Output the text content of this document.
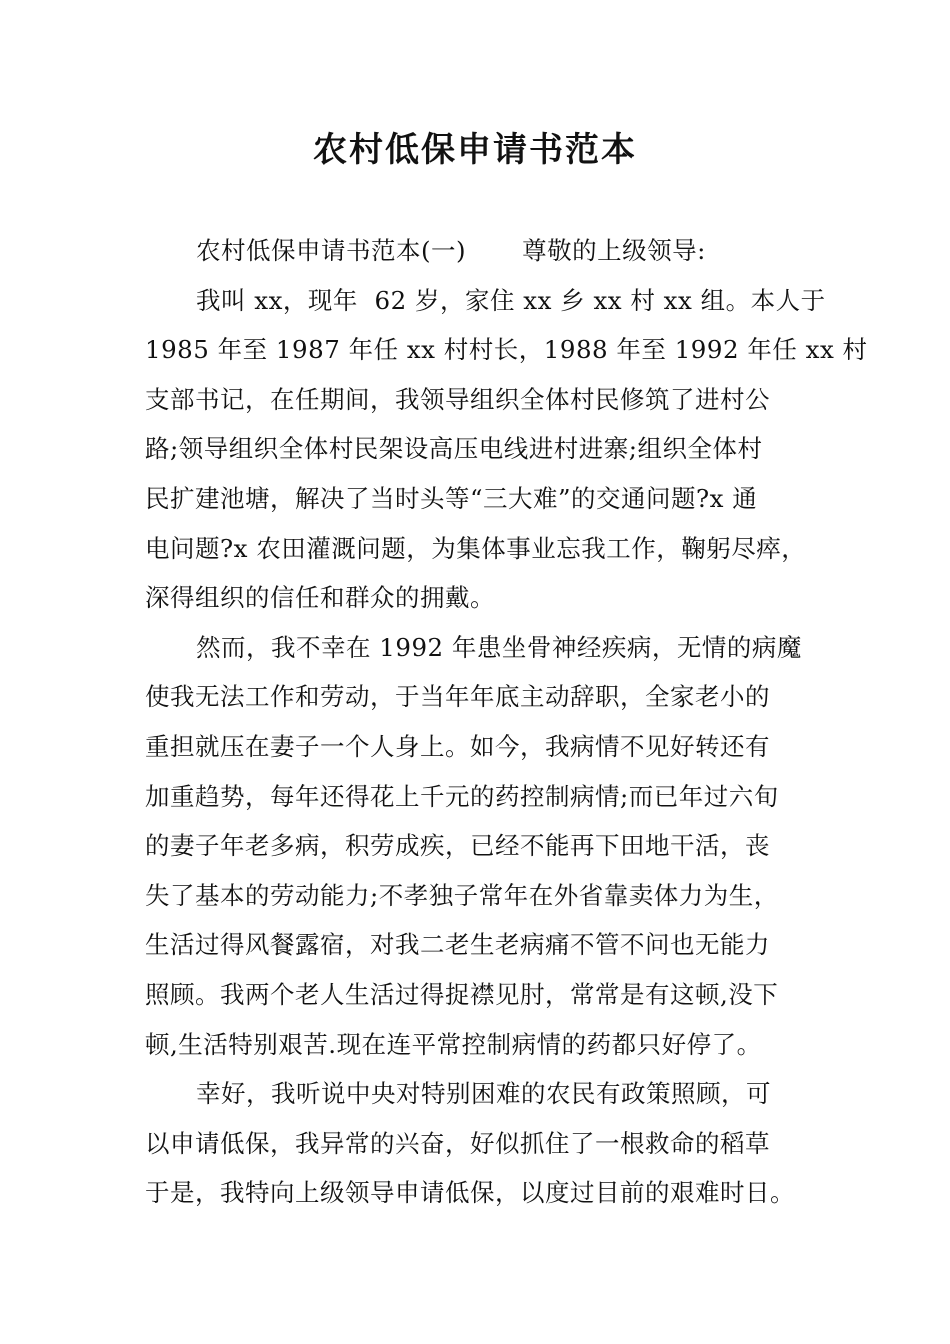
农村低保申请书范本
农村低保申请书范本(一) 尊敬的上级领导:
我叫 xx，现年  62 岁，家住 xx 乡 xx 村 xx 组。本人于
1985 年至 1987 年任 xx 村村长，1988 年至 1992 年任 xx 村
支部书记，在任期间，我领导组织全体村民修筑了进村公
路;领导组织全体村民架设高压电线进村进寨;组织全体村
民扩建池塘，解决了当时头等“三大难”的交通问题?x 通
电问题?x 农田灌溉问题，为集体事业忘我工作，鞠躬尽瘁，
深得组织的信任和群众的拥戴。
然而，我不幸在 1992 年患坐骨神经疾病，无情的病魔
使我无法工作和劳动，于当年年底主动辞职，全家老小的
重担就压在妻子一个人身上。如今，我病情不见好转还有
加重趋势，每年还得花上千元的药控制病情;而已年过六旬
的妻子年老多病，积劳成疾，已经不能再下田地干活，丧
失了基本的劳动能力;不孝独子常年在外省靠卖体力为生，
生活过得风餐露宿，对我二老生老病痛不管不问也无能力
照顾。我两个老人生活过得捉襟见肘，常常是有这顿,没下
顿,生活特别艰苦.现在连平常控制病情的药都只好停了。
幸好，我听说中央对特别困难的农民有政策照顾，可
以申请低保，我异常的兴奋，好似抓住了一根救命的稻草
于是，我特向上级领导申请低保，以度过目前的艰难时日。
